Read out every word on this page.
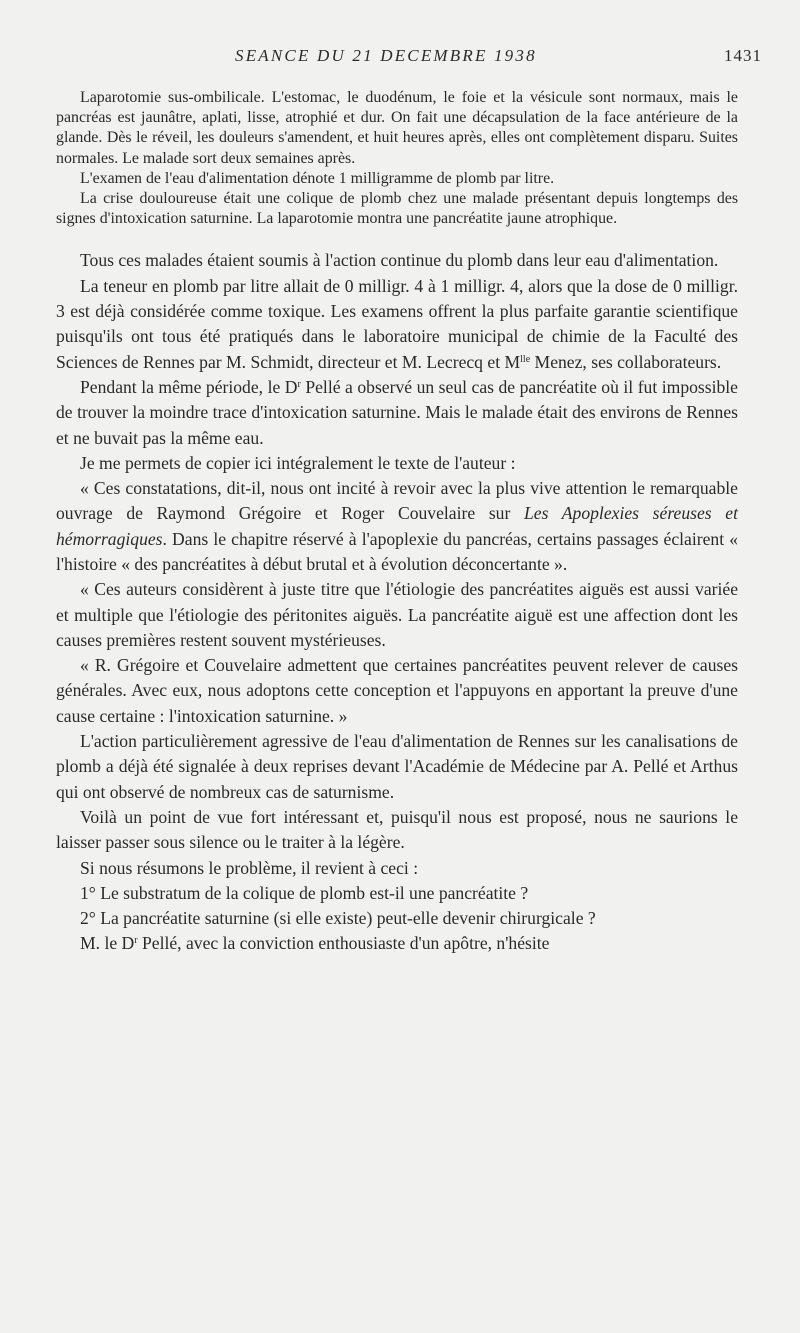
SEANCE DU 21 DECEMBRE 1938	1431

Laparotomie sus-ombilicale. L'estomac, le duodénum, le foie et la vésicule sont normaux, mais le pancréas est jaunâtre, aplati, lisse, atrophié et dur. On fait une décapsulation de la face antérieure de la glande. Dès le réveil, les douleurs s'amendent, et huit heures après, elles ont complètement disparu. Suites normales. Le malade sort deux semaines après.

L'examen de l'eau d'alimentation dénote 1 milligramme de plomb par litre.

La crise douloureuse était une colique de plomb chez une malade présentant depuis longtemps des signes d'intoxication saturnine. La laparotomie montra une pancréatite jaune atrophique.

Tous ces malades étaient soumis à l'action continue du plomb dans leur eau d'alimentation.

La teneur en plomb par litre allait de 0 milligr. 4 à 1 milligr. 4, alors que la dose de 0 milligr. 3 est déjà considérée comme toxique. Les examens offrent la plus parfaite garantie scientifique puisqu'ils ont tous été pratiqués dans le laboratoire municipal de chimie de la Faculté des Sciences de Rennes par M. Schmidt, directeur et M. Lecrecq et $M^{lle}$ Menez, ses collaborateurs.

Pendant la même période, le $D^r$ Pellé a observé un seul cas de pancréatite où il fut impossible de trouver la moindre trace d'intoxication saturnine. Mais le malade était des environs de Rennes et ne buvait pas la même eau.

Je me permets de copier ici intégralement le texte de l'auteur :

« Ces constatations, dit-il, nous ont incité à revoir avec la plus vive attention le remarquable ouvrage de Raymond Grégoire et Roger Couvelaire sur Les Apoplexies séreuses et hémorragiques. Dans le chapitre réservé à l'apoplexie du pancréas, certains passages éclairent « l'histoire « des pancréatites à début brutal et à évolution déconcertante ».

« Ces auteurs considèrent à juste titre que l'étiologie des pancréatites aiguës est aussi variée et multiple que l'étiologie des péritonites aiguës. La pancréatite aiguë est une affection dont les causes premières restent souvent mystérieuses.

« R. Grégoire et Couvelaire admettent que certaines pancréatites peuvent relever de causes générales. Avec eux, nous adoptons cette conception et l'appuyons en apportant la preuve d'une cause certaine : l'intoxication saturnine. »

L'action particulièrement agressive de l'eau d'alimentation de Rennes sur les canalisations de plomb a déjà été signalée à deux reprises devant l'Académie de Médecine par A. Pellé et Arthus qui ont observé de nombreux cas de saturnisme.

Voilà un point de vue fort intéressant et, puisqu'il nous est proposé, nous ne saurions le laisser passer sous silence ou le traiter à la légère.

Si nous résumons le problème, il revient à ceci :

1° Le substratum de la colique de plomb est-il une pancréatite ?

2° La pancréatite saturnine (si elle existe) peut-elle devenir chirurgicale ?

M. le $D^r$ Pellé, avec la conviction enthousiaste d'un apôtre, n'hésite
